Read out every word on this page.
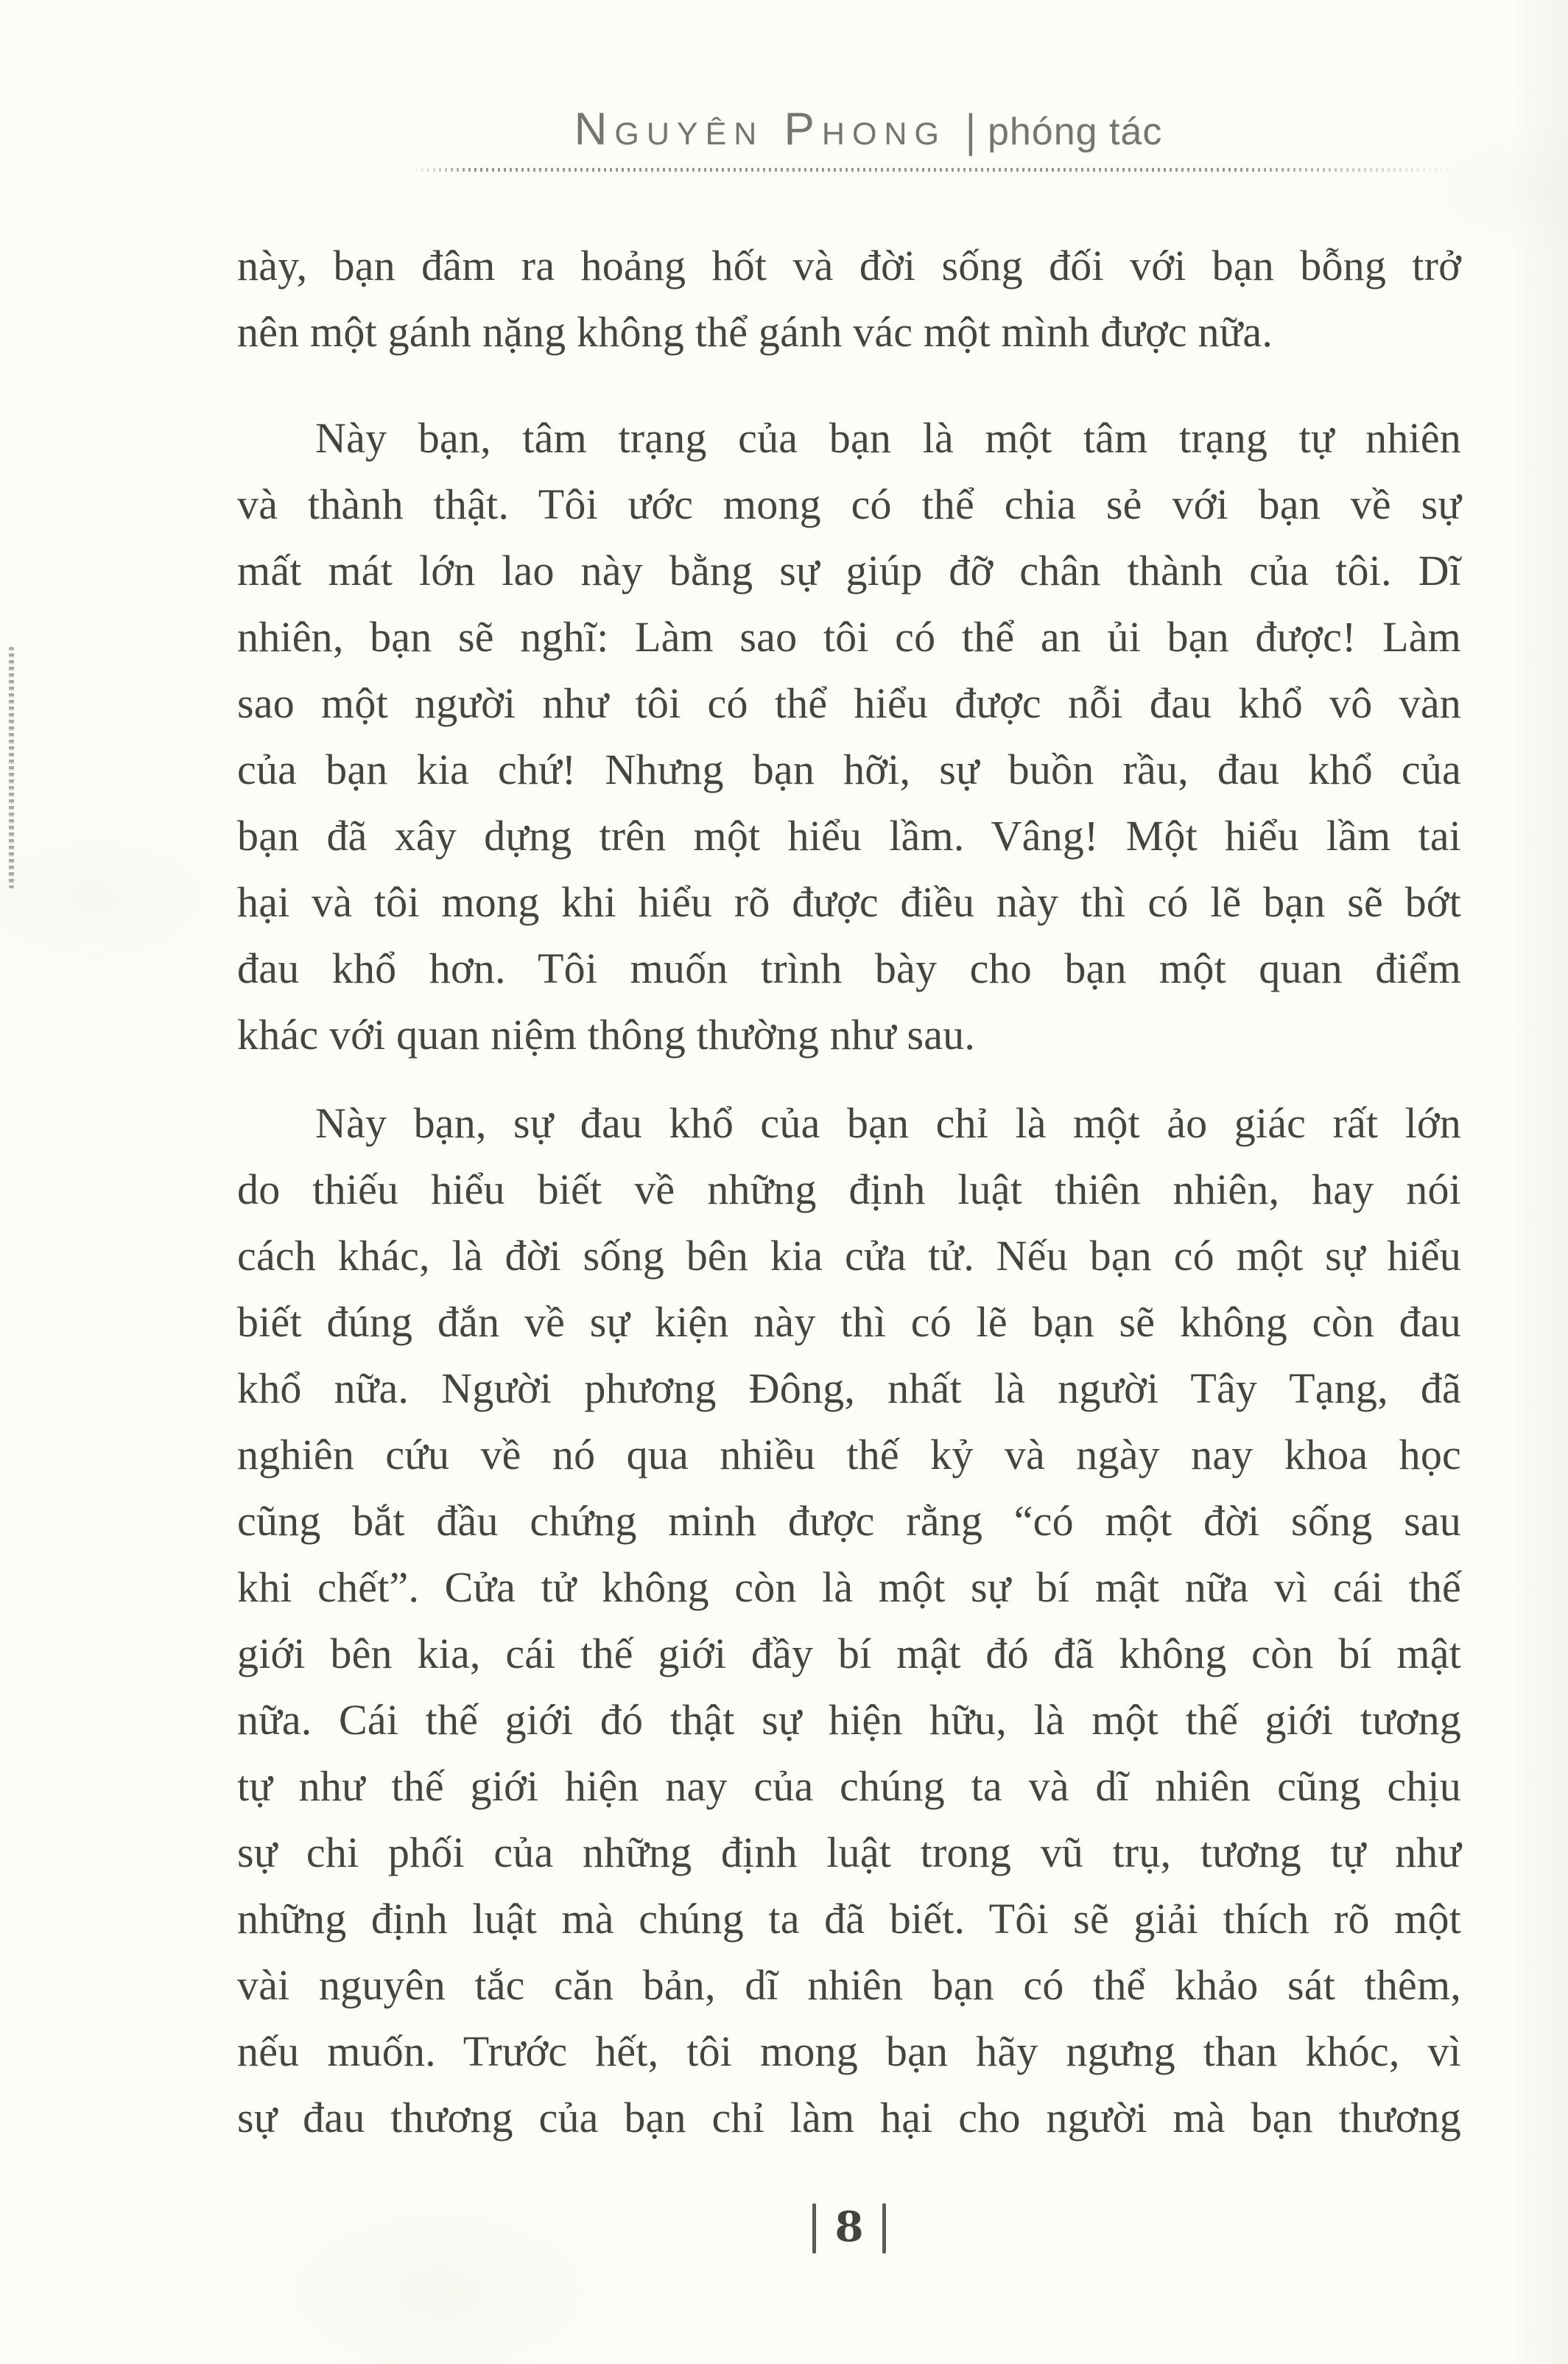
Nguyên Phong | phóng tác
này, bạn đâm ra hoảng hốt và đời sống đối với bạn bỗng trở
nên một gánh nặng không thể gánh vác một mình được nữa.
Này bạn, tâm trạng của bạn là một tâm trạng tự nhiên
và thành thật. Tôi ước mong có thể chia sẻ với bạn về sự
mất mát lớn lao này bằng sự giúp đỡ chân thành của tôi. Dĩ
nhiên, bạn sẽ nghĩ: Làm sao tôi có thể an ủi bạn được! Làm
sao một người như tôi có thể hiểu được nỗi đau khổ vô vàn
của bạn kia chứ! Nhưng bạn hỡi, sự buồn rầu, đau khổ của
bạn đã xây dựng trên một hiểu lầm. Vâng! Một hiểu lầm tai
hại và tôi mong khi hiểu rõ được điều này thì có lẽ bạn sẽ bớt
đau khổ hơn. Tôi muốn trình bày cho bạn một quan điểm
khác với quan niệm thông thường như sau.
Này bạn, sự đau khổ của bạn chỉ là một ảo giác rất lớn
do thiếu hiểu biết về những định luật thiên nhiên, hay nói
cách khác, là đời sống bên kia cửa tử. Nếu bạn có một sự hiểu
biết đúng đắn về sự kiện này thì có lẽ bạn sẽ không còn đau
khổ nữa. Người phương Đông, nhất là người Tây Tạng, đã
nghiên cứu về nó qua nhiều thế kỷ và ngày nay khoa học
cũng bắt đầu chứng minh được rằng “có một đời sống sau
khi chết”. Cửa tử không còn là một sự bí mật nữa vì cái thế
giới bên kia, cái thế giới đầy bí mật đó đã không còn bí mật
nữa. Cái thế giới đó thật sự hiện hữu, là một thế giới tương
tự như thế giới hiện nay của chúng ta và dĩ nhiên cũng chịu
sự chi phối của những định luật trong vũ trụ, tương tự như
những định luật mà chúng ta đã biết. Tôi sẽ giải thích rõ một
vài nguyên tắc căn bản, dĩ nhiên bạn có thể khảo sát thêm,
nếu muốn. Trước hết, tôi mong bạn hãy ngưng than khóc, vì
sự đau thương của bạn chỉ làm hại cho người mà bạn thương
8
